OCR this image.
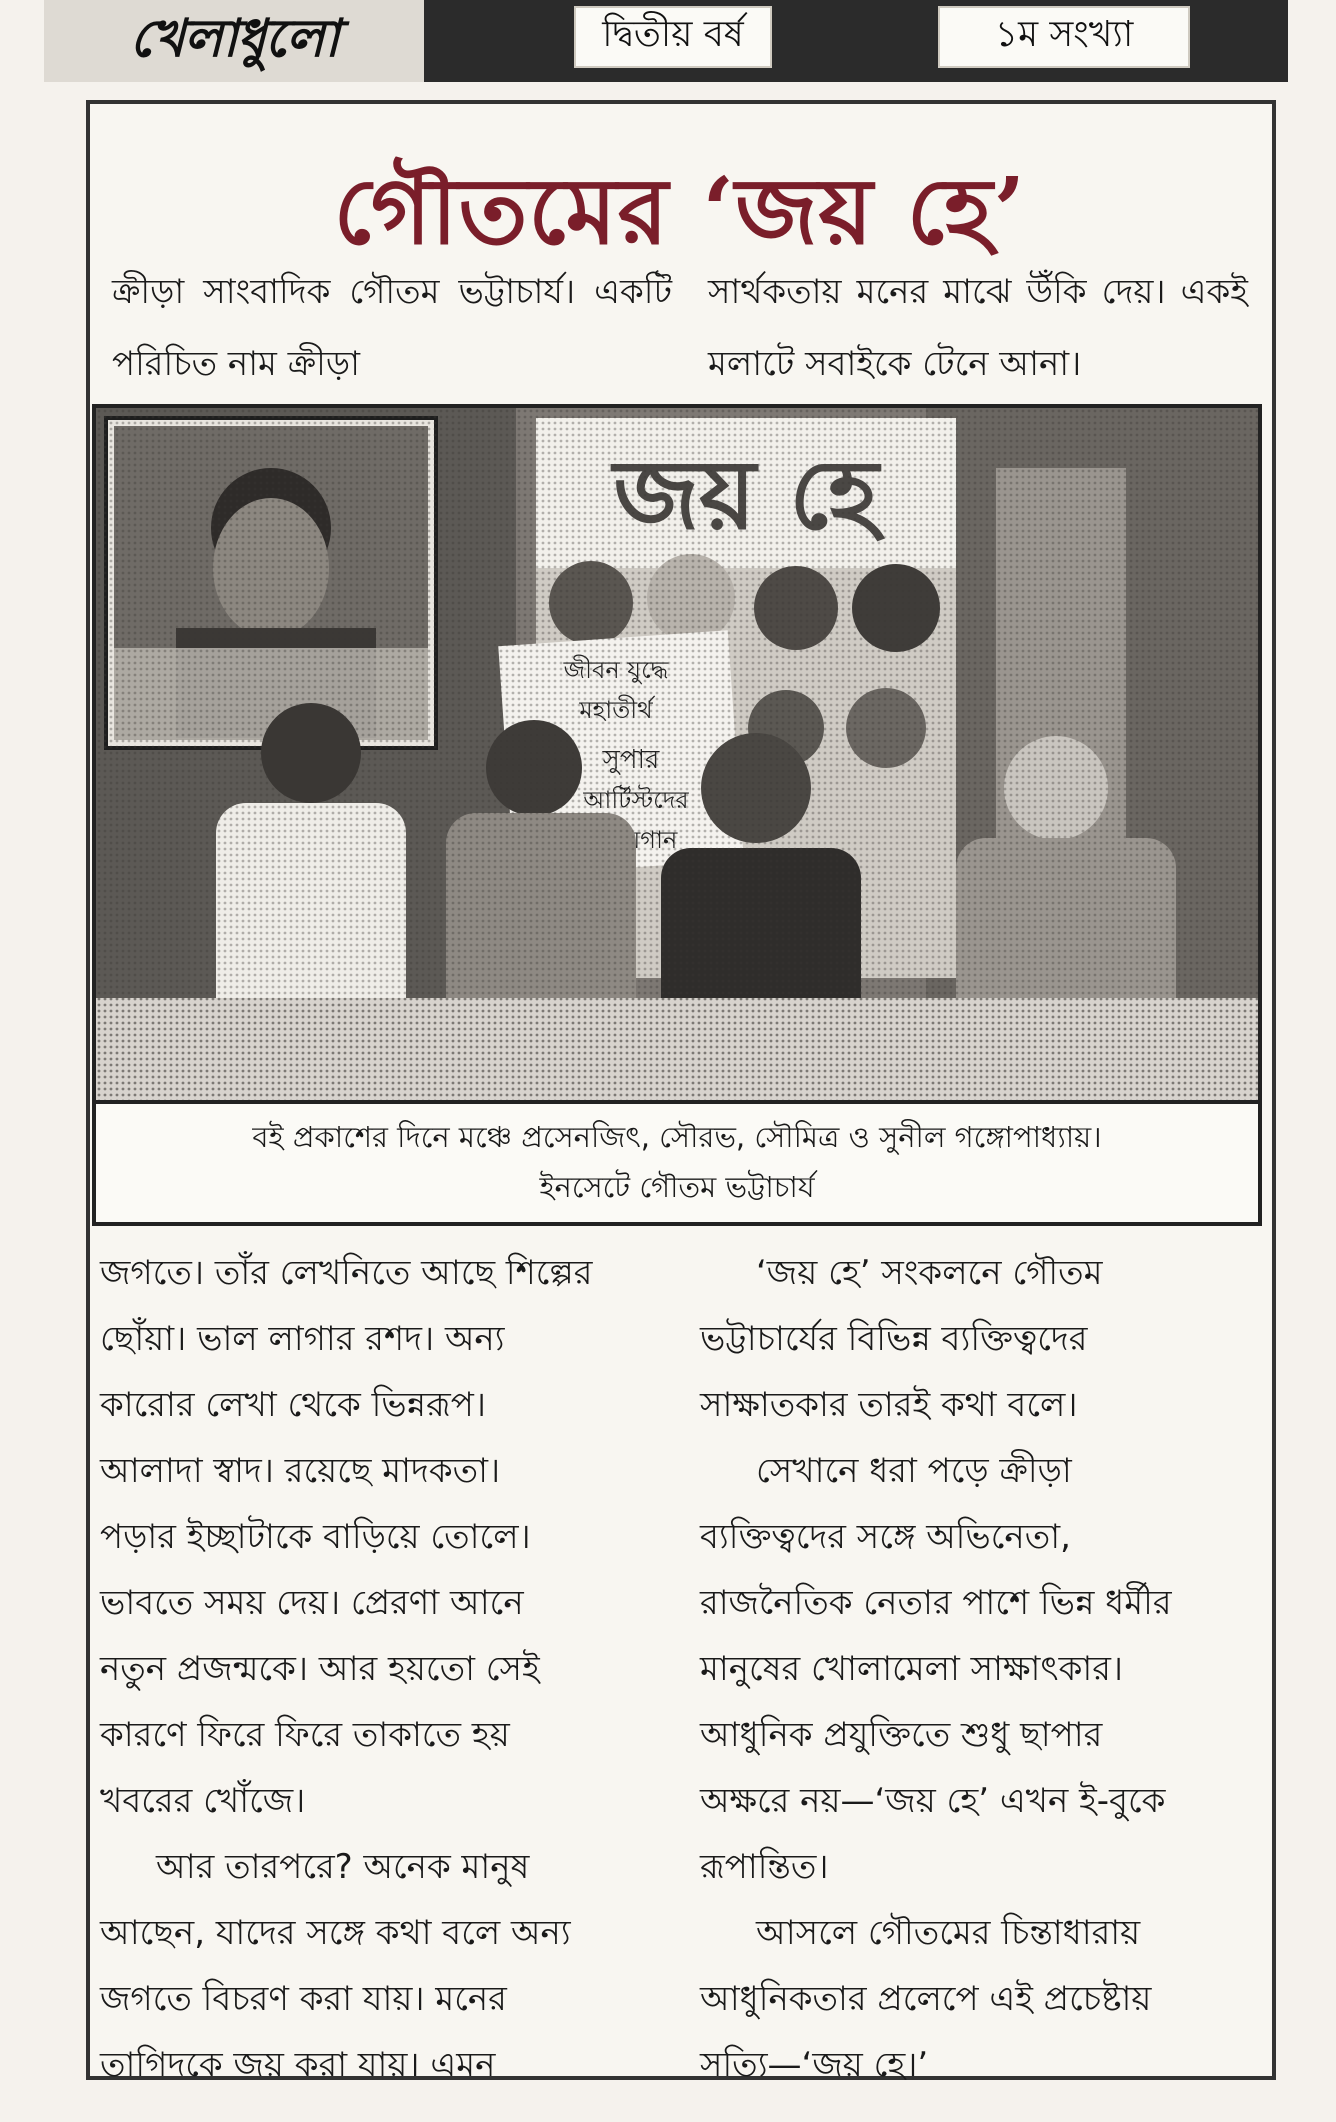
খেলাধুলো	দ্বিতীয় বর্ষ	১ম সংখ্যা
গৌতমের ‘জয় হে’
ক্রীড়া সাংবাদিক গৌতম ভট্টাচার্য। একটি পরিচিত নাম ক্রীড়া
সার্থকতায় মনের মাঝে উঁকি দেয়। একই মলাটে সবাইকে টেনে আনা।
বই প্রকাশের দিনে মঞ্চে প্রসেনজিৎ, সৌরভ, সৌমিত্র ও সুনীল গঙ্গোপাধ্যায়।
ইনসেটে গৌতম ভট্টাচার্য
জগতে। তাঁর লেখনিতে আছে শিল্পের
ছোঁয়া। ভাল লাগার রশদ। অন্য
কারোর লেখা থেকে ভিন্নরূপ।
আলাদা স্বাদ। রয়েছে মাদকতা।
পড়ার ইচ্ছাটাকে বাড়িয়ে তোলে।
ভাবতে সময় দেয়। প্রেরণা আনে
নতুন প্রজন্মকে। আর হয়তো সেই
কারণে ফিরে ফিরে তাকাতে হয়
খবরের খোঁজে।
আর তারপরে? অনেক মানুষ
আছেন, যাদের সঙ্গে কথা বলে অন্য
জগতে বিচরণ করা যায়। মনের
তাগিদকে জয় করা যায়। এমন
‘জয় হে’ সংকলনে গৌতম
ভট্টাচার্যের বিভিন্ন ব্যক্তিত্বদের
সাক্ষাতকার তারই কথা বলে।
সেখানে ধরা পড়ে ক্রীড়া
ব্যক্তিত্বদের সঙ্গে অভিনেতা,
রাজনৈতিক নেতার পাশে ভিন্ন ধর্মীর
মানুষের খোলামেলা সাক্ষাৎকার।
আধুনিক প্রযুক্তিতে শুধু ছাপার
অক্ষরে নয়—‘জয় হে’ এখন ই-বুকে
রূপান্তিত।
আসলে গৌতমের চিন্তাধারায়
আধুনিকতার প্রলেপে এই প্রচেষ্টায়
সত্যি—‘জয় হে।’
